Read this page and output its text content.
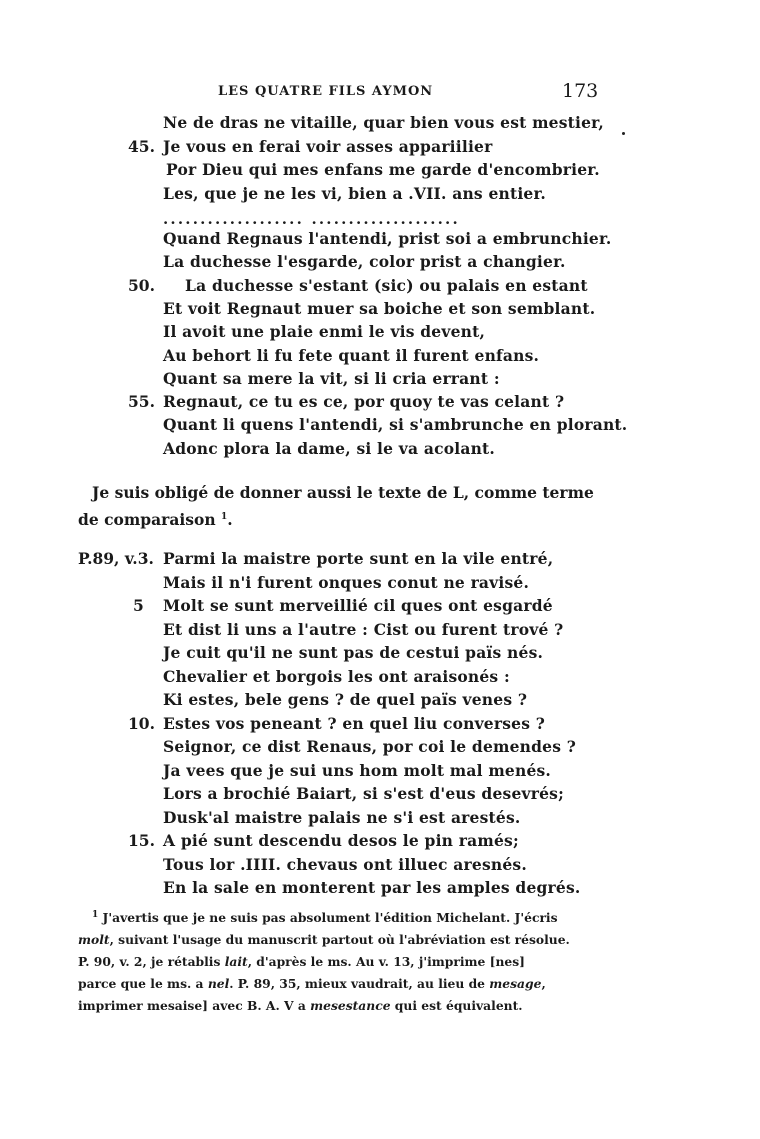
LES QUATRE FILS AYMON	173
Ne de dras ne vitaille, quar bien vous est mestier,
45. Je vous en ferai voir asses appariilier
Por Dieu qui mes enfans me garde d'encombrier.
Les, que je ne les vi, bien a .VII. ans entier.
................... ....................
Quand Regnaus l'antendi, prist soi a embrunchier.
La duchesse l'esgarde, color prist a changier.
50. La duchesse s'estant (sic) ou palais en estant
Et voit Regnaut muer sa boiche et son semblant.
Il avoit une plaie enmi le vis devent,
Au behort li fu fete quant il furent enfans.
Quant sa mere la vit, si li cria errant :
55. Regnaut, ce tu es ce, por quoy te vas celant ?
Quant li quens l'antendi, si s'ambrunche en plorant.
Adonc plora la dame, si le va acolant.
Je suis obligé de donner aussi le texte de L, comme terme
de comparaison $^1$.
P.89, v.3. Parmi la maistre porte sunt en la vile entré,
Mais il n'i furent onques conut ne ravisé.
5 Molt se sunt merveillié cil ques ont esgardé
Et dist li uns a l'autre : Cist ou furent trové ?
Je cuit qu'il ne sunt pas de cestui païs nés.
Chevalier et borgois les ont araisonés :
Ki estes, bele gens ? de quel païs venes ?
10. Estes vos peneant ? en quel liu converses ?
Seignor, ce dist Renaus, por coi le demendes ?
Ja vees que je sui uns hom molt mal menés.
Lors a brochié Baiart, si s'est d'eus desevrés;
Dusk'al maistre palais ne s'i est arestés.
15. A pié sunt descendu desos le pin ramés;
Tous lor .IIII. chevaus ont illuec aresnés.
En la sale en monterent par les amples degrés.
$^1$ J'avertis que je ne suis pas absolument l'édition Michelant. J'écris
molt, suivant l'usage du manuscrit partout où l'abréviation est résolue.
P. 90, v. 2, je rétablis lait, d'après le ms. Au v. 13, j'imprime [nes]
parce que le ms. a nel. P. 89, 35, mieux vaudrait, au lieu de mesage,
imprimer mesaise] avec B. A. V a mesestance qui est équivalent.
